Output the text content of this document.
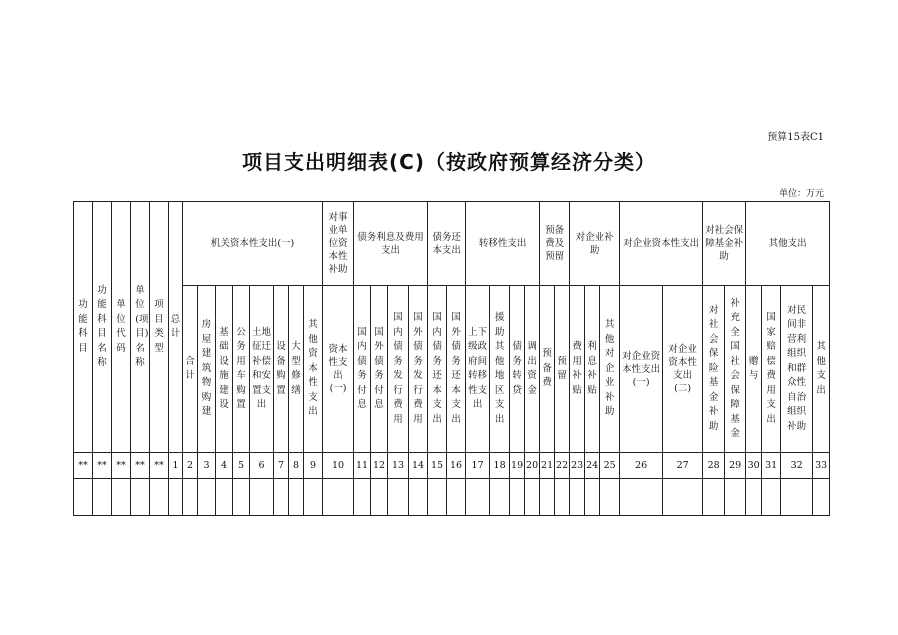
预算15表C1
项目支出明细表(C)（按政府预算经济分类）
单位：万元
功能科目	功能科目名称	单位代码	单位(项目)名称	项目类型	总计	机关资本性支出(一)								对事业单位资本性补助	债务利息及费用支出				债务还本支出		转移性支出				预备费及预留		对企业补助			对企业资本性支出		对社会保障基金补助		其他支出			
						合计	房屋建筑物购建	基础设施建设	公务用车购置	土地征迁补偿和安置支出	设备购置	大型修缮	其他资本性支出	资本性支出(一)	国内债务付息	国外债务付息	国内债务发行费用	国外债务发行费用	国内债务还本支出	国外债务还本支出	上下级政府间转移性支出	援助其他地区支出	债务转贷	调出资金	预备费	预留	费用补贴	利息补贴	其他对企业补助	对企业资本性支出(一)	对企业资本性支出(二)	对社会保险基金补助	补充全国社会保障基金	赠与	国家赔偿费用支出	对民间非营利组织和群众性自治组织补助	其他支出
**	**	**	**	**	1	2	3	4	5	6	7	8	9	10	11	12	13	14	15	16	17	18	19	20	21	22	23	24	25	26	27	28	29	30	31	32	33
